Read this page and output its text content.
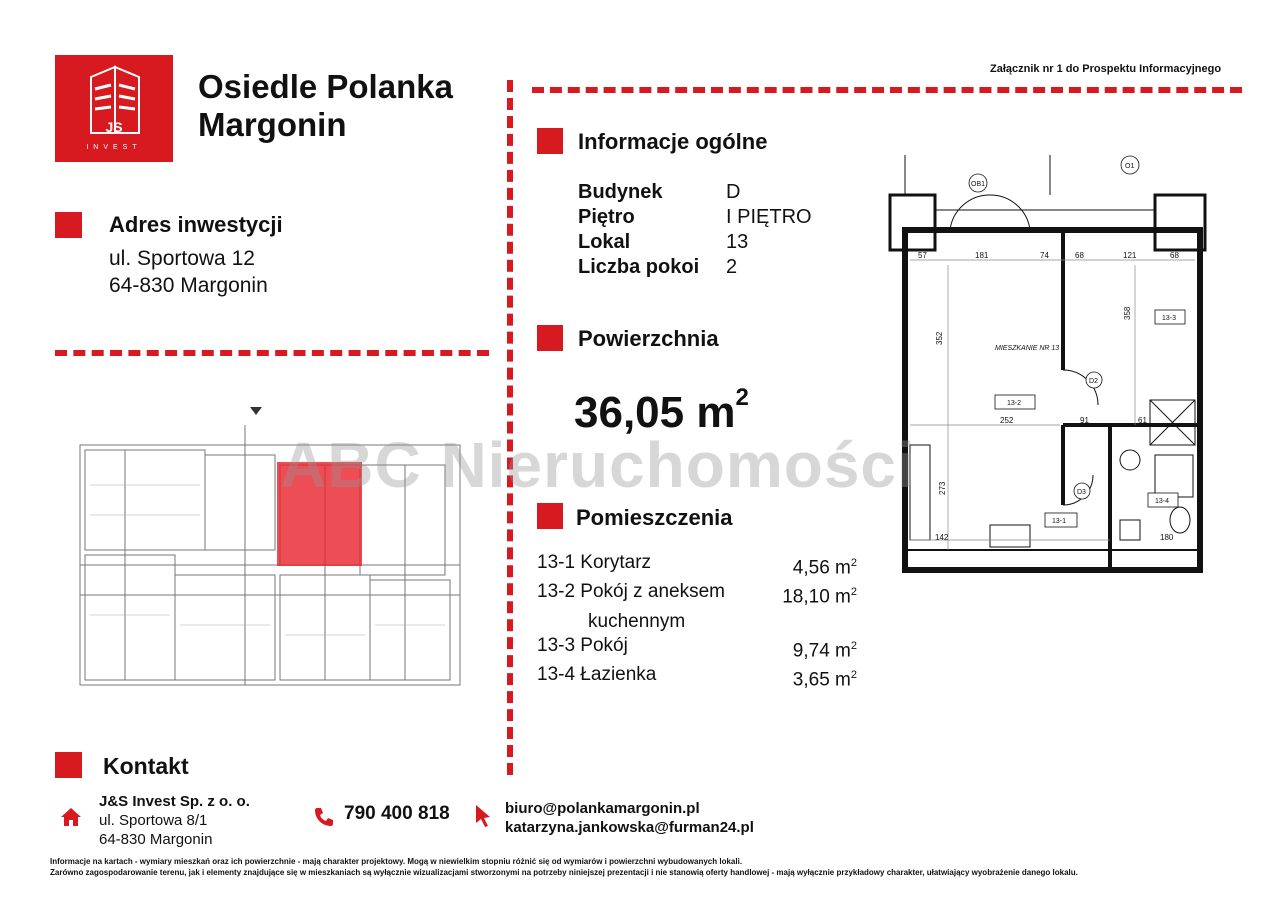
JS
INVEST
Osiedle Polanka
Margonin
Załącznik nr 1 do Prospektu Informacyjnego
Adres inwestycji
ul. Sportowa 12
64-830 Margonin
Informacje ogólne
Budynek	D
Piętro	I PIĘTRO
Lokal	13
Liczba pokoi	2
Powierzchnia
36,05 $m^2$
Pomieszczenia
13-1 Korytarz	4,56 $m^2$
13-2 Pokój z aneksem	18,10 $m^2$
kuchennym
13-3 Pokój	9,74 $m^2$
13-4 Łazienka	3,65 $m^2$
57	181	74	68	121	68
352
358
252	91	61
273
142	180
MIESZKANIE NR 13
13-2
13-3
13-1
13-4
OB1
O1
D2
D3
ABC Nieruchomości
Kontakt
J&S Invest Sp. z o. o.
ul. Sportowa 8/1
64-830 Margonin
790 400 818	biuro@polankamargonin.pl
katarzyna.jankowska@furman24.pl
Informacje na kartach - wymiary mieszkań oraz ich powierzchnie - mają charakter projektowy. Mogą w niewielkim stopniu różnić się od wymiarów i powierzchni wybudowanych lokali.
Zarówno zagospodarowanie terenu, jak i elementy znajdujące się w mieszkaniach są wyłącznie wizualizacjami stworzonymi na potrzeby niniejszej prezentacji i nie stanowią oferty handlowej - mają wyłącznie przykładowy charakter, ułatwiający wyobrażenie danego lokalu.
